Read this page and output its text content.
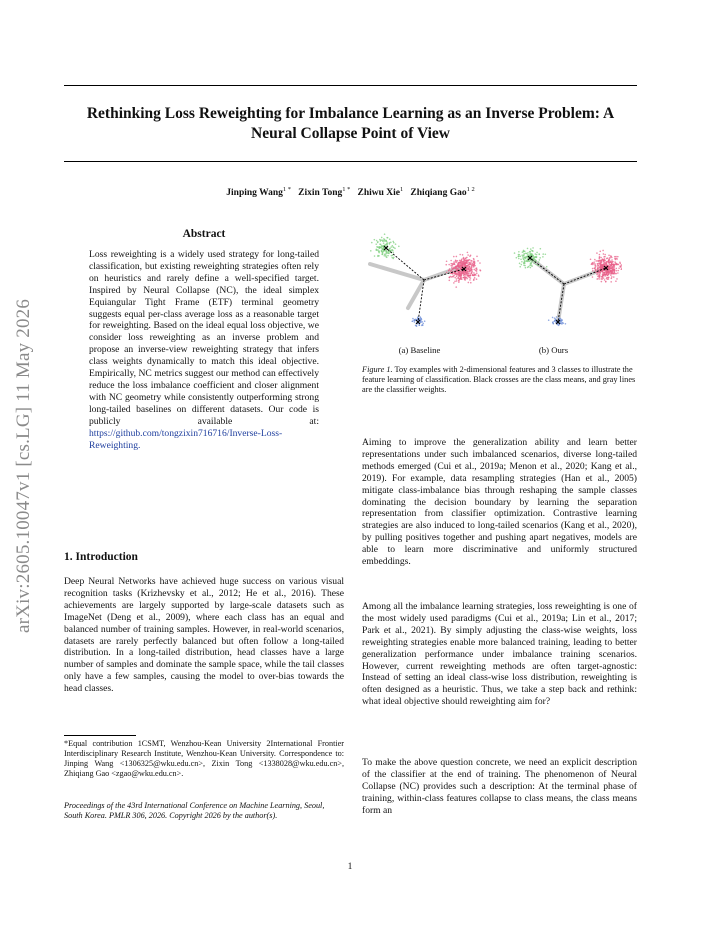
Rethinking Loss Reweighting for Imbalance Learning as an Inverse Problem: A
Neural Collapse Point of View
Jinping Wang$^{1 *}$ Zixin Tong$^{1 *}$ Zhiwu Xie$^1$ Zhiqiang Gao$^{1 2}$
arXiv:2605.10047v1 [cs.LG] 11 May 2026
Abstract
Loss reweighting is a widely used strategy for long-tailed classification, but existing reweighting strategies often rely on heuristics and rarely define a well-specified target. Inspired by Neural Collapse (NC), the ideal simplex Equiangular Tight Frame (ETF) terminal geometry suggests equal per-class average loss as a reasonable target for reweighting. Based on the ideal equal loss objective, we consider loss reweighting as an inverse problem and propose an inverse-view reweighting strategy that infers class weights dynamically to match this ideal objective. Empirically, NC metrics suggest our method can effectively reduce the loss imbalance coefficient and closer alignment with NC geometry while consistently outperforming strong long-tailed baselines on different datasets. Our code is publicly available at: https://github.com/tongzixin716716/Inverse-Loss-Reweighting.
(a) Baseline	(b) Ours
Figure 1. Toy examples with 2-dimensional features and 3 classes to illustrate the feature learning of classification. Black crosses are the class means, and gray lines are the classifier weights.
1. Introduction
Deep Neural Networks have achieved huge success on various visual recognition tasks (Krizhevsky et al., 2012; He et al., 2016). These achievements are largely supported by large-scale datasets such as ImageNet (Deng et al., 2009), where each class has an equal and balanced number of training samples. However, in real-world scenarios, datasets are rarely perfectly balanced but often follow a long-tailed distribution. In a long-tailed distribution, head classes have a large number of samples and dominate the sample space, while the tail classes only have a few samples, causing the model to over-bias towards the head classes.
*Equal contribution 1CSMT, Wenzhou-Kean University 2International Frontier Interdisciplinary Research Institute, Wenzhou-Kean University. Correspondence to: Jinping Wang <1306325@wku.edu.cn>, Zixin Tong <1338028@wku.edu.cn>, Zhiqiang Gao <zgao@wku.edu.cn>.
Proceedings of the 43rd International Conference on Machine Learning, Seoul, South Korea. PMLR 306, 2026. Copyright 2026 by the author(s).
Aiming to improve the generalization ability and learn better representations under such imbalanced scenarios, diverse long-tailed methods emerged (Cui et al., 2019a; Menon et al., 2020; Kang et al., 2019). For example, data resampling strategies (Han et al., 2005) mitigate class-imbalance bias through reshaping the sample classes dominating the decision boundary by learning the separation representation from classifier optimization. Contrastive learning strategies are also induced to long-tailed scenarios (Kang et al., 2020), by pulling positives together and pushing apart negatives, models are able to learn more discriminative and uniformly structured embeddings.
Among all the imbalance learning strategies, loss reweighting is one of the most widely used paradigms (Cui et al., 2019a; Lin et al., 2017; Park et al., 2021). By simply adjusting the class-wise weights, loss reweighting strategies enable more balanced training, leading to better generalization performance under imbalance training scenarios. However, current reweighting methods are often target-agnostic: Instead of setting an ideal class-wise loss distribution, reweighting is often designed as a heuristic. Thus, we take a step back and rethink: what ideal objective should reweighting aim for?
To make the above question concrete, we need an explicit description of the classifier at the end of training. The phenomenon of Neural Collapse (NC) provides such a description: At the terminal phase of training, within-class features collapse to class means, the class means form an
1
